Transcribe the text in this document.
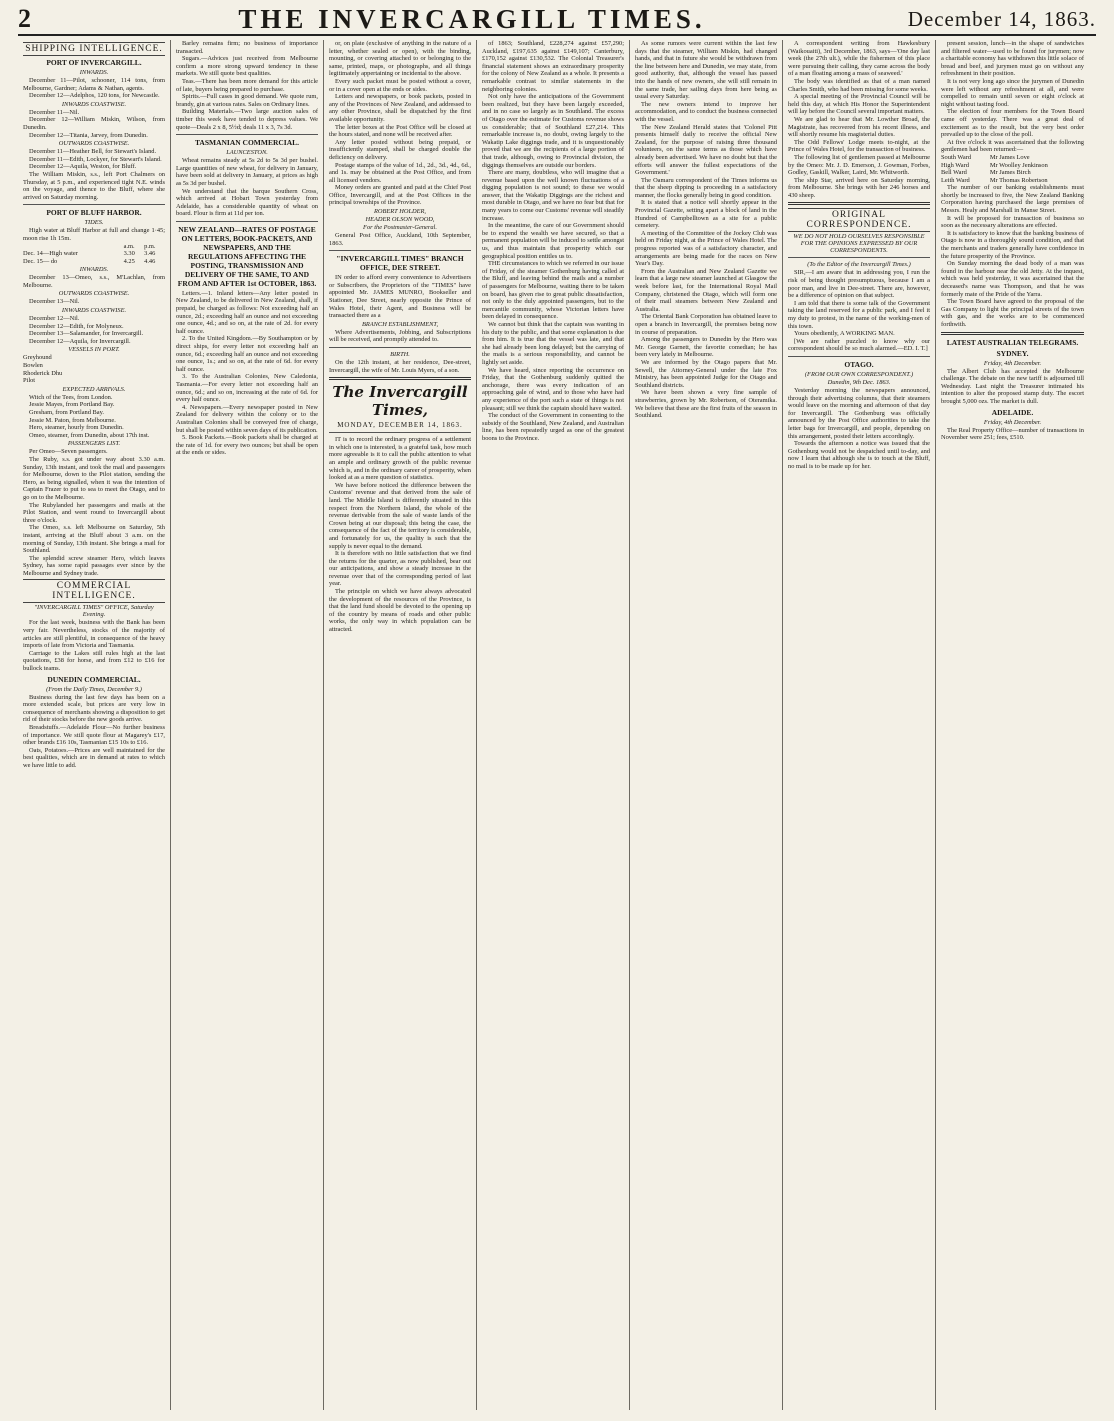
2	THE INVERCARGILL TIMES.	December 14, 1863.
SHIPPING INTELLIGENCE.
PORT OF INVERCARGILL.
INWARDS.

December 11—Pilot, schooner, 114 tons, from Melbourne, Gardner; Adams & Nathan, agents.

December 12—Adelphos, 120 tons, for Newcastle.

INWARDS COASTWISE.

December 11—Nil.

December 12—William Miskin, Wilson, from Dunedin.

December 12—Titania, Jarvey, from Dunedin.

OUTWARDS COASTWISE.

December 11—Heather Bell, for Stewart's Island.

December 11—Edith, Lockyer, for Stewart's Island.

December 12—Aquila, Weston, for Bluff.

The William Miskin, s.s., left Port Chalmers on Thursday, at 5 p.m., and experienced tight N.E. winds on the voyage, and thence to the Bluff, where she arrived on Saturday morning.

PORT OF BLUFF HARBOR.
TIDES.

High water at Bluff Harbor at full and change 1·45; moon rise 1h 15m.

	a.m.	p.m.
Dec. 14—High water	3.30	3.46
Dec. 15— do	4.25	4.46
INWARDS.

December 13—Omeo, s.s., M'Lachlan, from Melbourne.

OUTWARDS COASTWISE.

December 13—Nil.

INWARDS COASTWISE.

December 12—Nil.

December 12—Edith, for Molyneux.

December 13—Salamander, for Invercargill.

December 12—Aquila, for Invercargill.

VESSELS IN PORT.
Greyhound
Bowlen
Rhoderick Dhu
Pilot
EXPECTED ARRIVALS.

Witch of the Tees, from London.

Jessie Mayes, from Portland Bay.

Gresham, from Portland Bay.

Jessie M. Paton, from Melbourne.

Hero, steamer, hourly from Dunedin.

Omeo, steamer, from Dunedin, about 17th inst.

PASSENGERS LIST.

Per Omeo—Seven passengers.

The Ruby, s.s. got under way about 3.30 a.m. Sunday, 13th instant, and took the mail and passengers for Melbourne, down to the Pilot station, sending the Hero, as being signalled, when it was the intention of Captain Frazer to put to sea to meet the Otago, and to go on to the Melbourne.

The Rubylanded her passengers and mails at the Pilot Station, and went round to Invercargill about three o'clock.

The Omeo, s.s. left Melbourne on Saturday, 5th instant, arriving at the Bluff about 3 a.m. on the morning of Sunday, 13th instant. She brings a mail for Southland.

The splendid screw steamer Hero, which leaves Sydney, has some rapid passages ever since by the Melbourne and Sydney trade.

COMMERCIAL INTELLIGENCE.
"INVERCARGILL TIMES" OFFICE, Saturday Evening.

For the last week, business with the Bank has been very fair. Nevertheless, stocks of the majority of articles are still plentiful, in consequence of the heavy imports of late from Victoria and Tasmania.

Carriage to the Lakes still rules high at the last quotations, £38 for horse, and from £12 to £16 for bullock teams.

DUNEDIN COMMERCIAL.
(From the Daily Times, December 9.)

Business during the last few days has been on a more extended scale, but prices are very low in consequence of merchants showing a disposition to get rid of their stocks before the new goods arrive.

Breadstuffs.—Adelaide Flour—No further business of importance. We still quote flour at Magarey's £17, other brands £16 10s, Tasmanian £15 10s to £16.

Oats, Potatoes.—Prices are well maintained for the best qualities, which are in demand at rates to which we have little to add.

Barley remains firm; no business of importance transacted.

Sugars.—Advices just received from Melbourne confirm a more strong upward tendency in these markets. We still quote best qualities.

Teas.—There has been more demand for this article of late, buyers being prepared to purchase.

Spirits.—Full cases in good demand. We quote rum, brandy, gin at various rates. Sales on Ordinary lines.

Building Materials.—Two large auction sales of timber this week have tended to depress values. We quote—Deals 2 x 8, 5½d; deals 11 x 3, 7s 3d.

TASMANIAN COMMERCIAL.
LAUNCESTON.

Wheat remains steady at 5s 2d to 5s 3d per bushel. Large quantities of new wheat, for delivery in January, have been sold at delivery in January, at prices as high as 5s 3d per bushel.

We understand that the barque Southern Cross, which arrived at Hobart Town yesterday from Adelaide, has a considerable quantity of wheat on board. Flour is firm at 11d per ton.

NEW ZEALAND—RATES OF POSTAGE ON LETTERS, BOOK-PACKETS, AND NEWSPAPERS, AND THE REGULATIONS AFFECTING THE POSTING, TRANSMISSION AND DELIVERY OF THE SAME, TO AND FROM AND AFTER 1st OCTOBER, 1863.

Letters.—1. Inland letters—Any letter posted in New Zealand, to be delivered in New Zealand, shall, if prepaid, be charged as follows: Not exceeding half an ounce, 2d.; exceeding half an ounce and not exceeding one ounce, 4d.; and so on, at the rate of 2d. for every half ounce.

2. To the United Kingdom.—By Southampton or by direct ships, for every letter not exceeding half an ounce, 6d.; exceeding half an ounce and not exceeding one ounce, 1s.; and so on, at the rate of 6d. for every half ounce.

3. To the Australian Colonies, New Caledonia, Tasmania.—For every letter not exceeding half an ounce, 6d.; and so on, increasing at the rate of 6d. for every half ounce.

4. Newspapers.—Every newspaper posted in New Zealand for delivery within the colony or to the Australian Colonies shall be conveyed free of charge, but shall be posted within seven days of its publication.

5. Book Packets.—Book packets shall be charged at the rate of 1d. for every two ounces; but shall be open at the ends or sides.

or, on plate (exclusive of anything in the nature of a letter, whether sealed or open), with the binding, mounting, or covering attached to or belonging to the same, printed, maps, or photographs, and all things legitimately appertaining or incidental to the above.

Every such packet must be posted without a cover, or in a cover open at the ends or sides.

Letters and newspapers, or book packets, posted in any of the Provinces of New Zealand, and addressed to any other Province, shall be dispatched by the first available opportunity.

The letter boxes at the Post Office will be closed at the hours stated, and none will be received after.

Any letter posted without being prepaid, or insufficiently stamped, shall be charged double the deficiency on delivery.

Postage stamps of the value of 1d., 2d., 3d., 4d., 6d., and 1s. may be obtained at the Post Office, and from all licensed vendors.

Money orders are granted and paid at the Chief Post Office, Invercargill, and at the Post Offices in the principal townships of the Province.

ROBERT HOLDER,
HEADER OLSON WOOD,
For the Postmaster-General.

General Post Office, Auckland, 10th September, 1863.

"INVERCARGILL TIMES" BRANCH OFFICE, DEE STREET.

IN order to afford every convenience to Advertisers or Subscribers, the Proprietors of the "TIMES" have appointed Mr. JAMES MUNRO, Bookseller and Stationer, Dee Street, nearly opposite the Prince of Wales Hotel, their Agent, and Business will be transacted there as a

BRANCH ESTABLISHMENT,

Where Advertisements, Jobbing, and Subscriptions will be received, and promptly attended to.

BIRTH.

On the 12th instant, at her residence, Dee-street, Invercargill, the wife of Mr. Louis Myers, of a son.

The Invercargill Times,
MONDAY, DECEMBER 14, 1863.

IT is to record the ordinary progress of a settlement in which one is interested, is a grateful task, how much more agreeable is it to call the public attention to what an ample and ordinary growth of the public revenue which is, and in the ordinary career of prosperity, when looked at as a mere question of statistics.

We have before noticed the difference between the Customs' revenue and that derived from the sale of land. The Middle Island is differently situated in this respect from the Northern Island, the whole of the revenue derivable from the sale of waste lands of the Crown being at our disposal; this being the case, the consequence of the fact of the territory is considerable, and fortunately for us, the quality is such that the supply is never equal to the demand.

It is therefore with no little satisfaction that we find the returns for the quarter, as now published, bear out our anticipations, and show a steady increase in the revenue over that of the corresponding period of last year.

The principle on which we have always advocated the development of the resources of the Province, is that the land fund should be devoted to the opening up of the country by means of roads and other public works, the only way in which population can be attracted.

of 1863; Southland, £228,274 against £57,290; Auckland, £197,635 against £149,107; Canterbury, £170,152 against £130,532. The Colonial Treasurer's financial statement shows an extraordinary prosperity for the colony of New Zealand as a whole. It presents a remarkable contrast to similar statements in the neighboring colonies.

Not only have the anticipations of the Government been realized, but they have been largely exceeded, and in no case so largely as in Southland. The excess of Otago over the estimate for Customs revenue shows us considerable; that of Southland £27,214. This remarkable increase is, no doubt, owing largely to the Wakatip Lake diggings trade, and it is unquestionably proved that we are the recipients of a large portion of that trade, although, owing to Provincial division, the diggings themselves are outside our borders.

There are many, doubtless, who will imagine that a revenue based upon the well known fluctuations of a digging population is not sound; to these we would answer, that the Wakatip Diggings are the richest and most durable in Otago, and we have no fear but that for many years to come our Customs' revenue will steadily increase.

In the meantime, the care of our Government should be to expend the wealth we have secured, so that a permanent population will be induced to settle amongst us, and thus maintain that prosperity which our geographical position entitles us to.

THE circumstances to which we referred in our issue of Friday, of the steamer Gothenburg having called at the Bluff, and leaving behind the mails and a number of passengers for Melbourne, waiting there to be taken on board, has given rise to great public dissatisfaction, not only to the duly appointed passengers, but to the mercantile community, whose Victorian letters have been delayed in consequence.

We cannot but think that the captain was wanting in his duty to the public, and that some explanation is due from him. It is true that the vessel was late, and that she had already been long delayed; but the carrying of the mails is a serious responsibility, and cannot be lightly set aside.

We have heard, since reporting the occurrence on Friday, that the Gothenburg suddenly quitted the anchorage, there was every indication of an approaching gale of wind, and to those who have had any experience of the port such a state of things is not pleasant; still we think the captain should have waited.

The conduct of the Government in consenting to the subsidy of the Southland, New Zealand, and Australian line, has been repeatedly urged as one of the greatest boons to the Province.

As some rumors were current within the last few days that the steamer, William Miskin, had changed hands, and that in future she would be withdrawn from the line between here and Dunedin, we may state, from good authority, that, although the vessel has passed into the hands of new owners, she will still remain in the same trade, her sailing days from here being as usual every Saturday.

The new owners intend to improve her accommodation, and to conduct the business connected with the vessel.

The New Zealand Herald states that 'Colonel Pitt presents himself daily to receive the official New Zealand, for the purpose of raising three thousand volunteers, on the same terms as those which have already been advertised. We have no doubt but that the efforts will answer the fullest expectations of the Government.'

The Oamaru correspondent of the Times informs us that the sheep dipping is proceeding in a satisfactory manner, the flocks generally being in good condition.

It is stated that a notice will shortly appear in the Provincial Gazette, setting apart a block of land in the Hundred of Campbelltown as a site for a public cemetery.

A meeting of the Committee of the Jockey Club was held on Friday night, at the Prince of Wales Hotel. The progress reported was of a satisfactory character, and arrangements are being made for the races on New Year's Day.

From the Australian and New Zealand Gazette we learn that a large new steamer launched at Glasgow the week before last, for the International Royal Mail Company, christened the Otago, which will form one of their mail steamers between New Zealand and Australia.

The Oriental Bank Corporation has obtained leave to open a branch in Invercargill, the premises being now in course of preparation.

Among the passengers to Dunedin by the Hero was Mr. George Garnett, the favorite comedian; he has been very lately in Melbourne.

We are informed by the Otago papers that Mr. Sewell, the Attorney-General under the late Fox Ministry, has been appointed Judge for the Otago and Southland districts.

We have been shown a very fine sample of strawberries, grown by Mr. Robertson, of Oteramika. We believe that these are the first fruits of the season in Southland.

A correspondent writing from Hawkesbury (Waikouaiti), 3rd December, 1863, says—'One day last week (the 27th ult.), while the fishermen of this place were pursuing their calling, they came across the body of a man floating among a mass of seaweed.'

The body was identified as that of a man named Charles Smith, who had been missing for some weeks.

A special meeting of the Provincial Council will be held this day, at which His Honor the Superintendent will lay before the Council several important matters.

We are glad to hear that Mr. Lowther Broad, the Magistrate, has recovered from his recent illness, and will shortly resume his magisterial duties.

The Odd Fellows' Lodge meets to-night, at the Prince of Wales Hotel, for the transaction of business.

The following list of gentlemen passed at Melbourne by the Omeo: Mr. J. D. Emerson, J. Gowman, Forbes, Godley, Gaskill, Walker, Laird, Mr. Whitworth.

The ship Star, arrived here on Saturday morning, from Melbourne. She brings with her 246 horses and 430 sheep.

ORIGINAL CORRESPONDENCE.
WE DO NOT HOLD OURSELVES RESPONSIBLE FOR THE OPINIONS EXPRESSED BY OUR CORRESPONDENTS.
(To the Editor of the Invercargill Times.)

SIR,—I am aware that in addressing you, I run the risk of being thought presumptuous, because I am a poor man, and live in Dee-street. There are, however, be a difference of opinion on that subject.

I am told that there is some talk of the Government taking the land reserved for a public park, and I feel it my duty to protest, in the name of the working-men of this town.

Yours obediently, A WORKING MAN.

[We are rather puzzled to know why our correspondent should be so much alarmed.—ED. I. T.]

OTAGO.
(FROM OUR OWN CORRESPONDENT.)
Dunedin, 9th Dec. 1863.

Yesterday morning the newspapers announced, through their advertising columns, that their steamers would leave on the morning and afternoon of that day for Invercargill. The Gothenburg was officially announced by the Post Office authorities to take the letter bags for Invercargill, and people, depending on this arrangement, posted their letters accordingly.

Towards the afternoon a notice was issued that the Gothenburg would not be despatched until to-day, and now I learn that although she is to touch at the Bluff, no mail is to be made up for her.

present session, lunch—in the shape of sandwiches and filtered water—used to be found for jurymen; now a charitable economy has withdrawn this little solace of bread and beef, and jurymen must go on without any refreshment in their position.

It is not very long ago since the jurymen of Dunedin were left without any refreshment at all, and were compelled to remain until seven or eight o'clock at night without tasting food.

The election of four members for the Town Board came off yesterday. There was a great deal of excitement as to the result, but the very best order prevailed up to the close of the poll.

At five o'clock it was ascertained that the following gentlemen had been returned:—

South Ward	Mr James Love
High Ward	Mr Woolley Jenkinson
Bell Ward	Mr James Birch
Leith Ward	Mr Thomas Robertson

The number of our banking establishments must shortly be increased to five, the New Zealand Banking Corporation having purchased the large premises of Messrs. Healy and Marshall in Manse Street.

It will be proposed for transaction of business so soon as the necessary alterations are effected.

It is satisfactory to know that the banking business of Otago is now in a thoroughly sound condition, and that the merchants and traders generally have confidence in the future prosperity of the Province.

On Sunday morning the dead body of a man was found in the harbour near the old Jetty. At the inquest, which was held yesterday, it was ascertained that the deceased's name was Thompson, and that he was formerly mate of the Pride of the Yarra.

The Town Board have agreed to the proposal of the Gas Company to light the principal streets of the town with gas, and the works are to be commenced forthwith.

LATEST AUSTRALIAN TELEGRAMS.
SYDNEY.
Friday, 4th December.

The Albert Club has accepted the Melbourne challenge. The debate on the new tariff is adjourned till Wednesday. Last night the Treasurer intimated his intention to alter the proposed stamp duty. The escort brought 5,000 ozs. The market is dull.

ADELAIDE.
Friday, 4th December.

The Real Property Office—number of transactions in November were 251; fees, £510.
